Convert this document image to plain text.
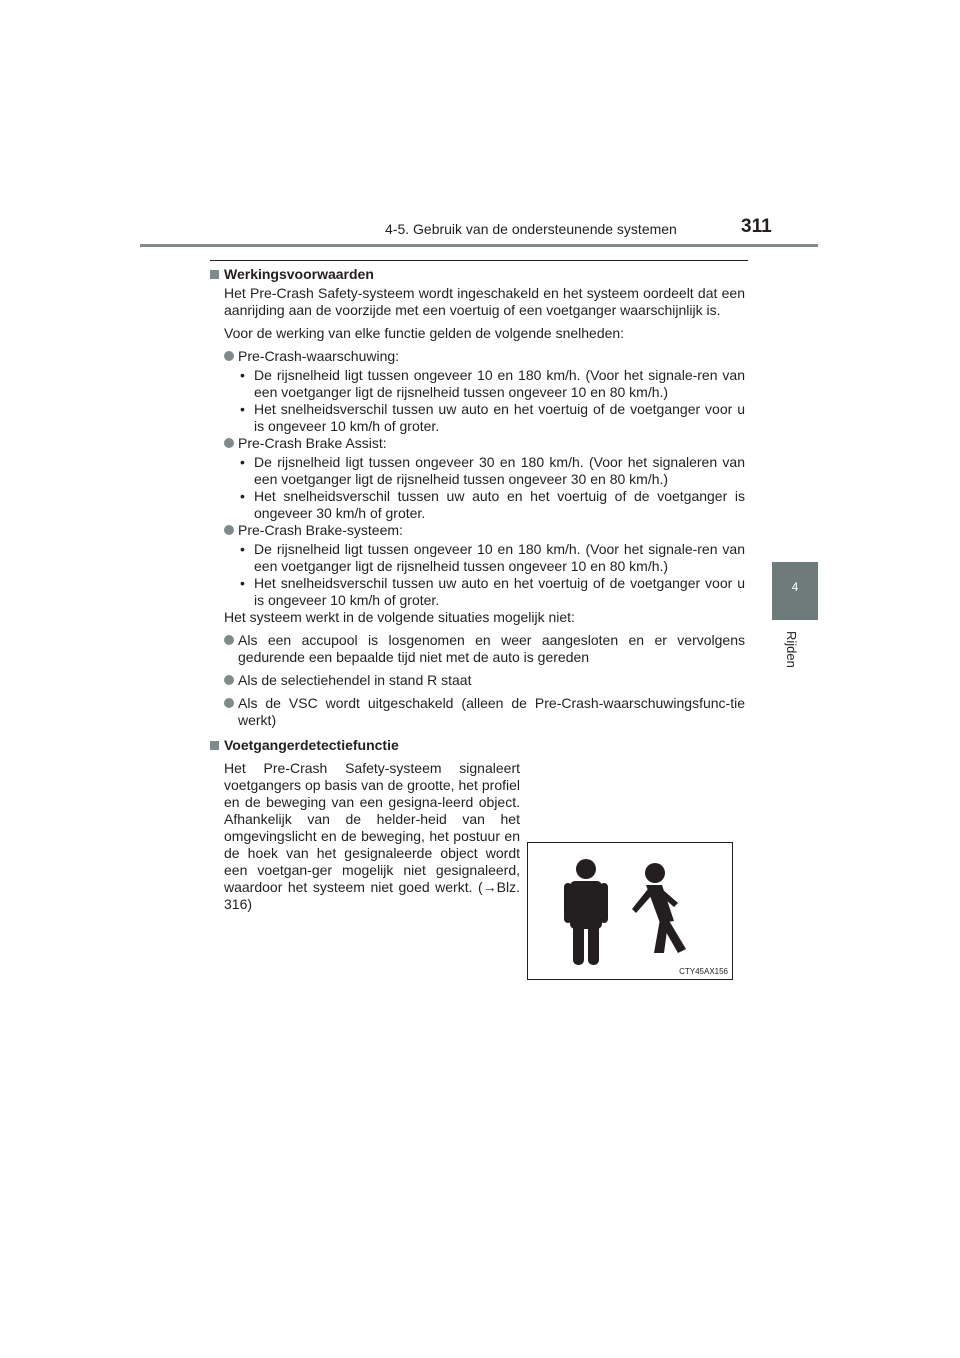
4-5. Gebruik van de ondersteunende systemen	311
4
Rijden
Werkingsvoorwaarden
Het Pre-Crash Safety-systeem wordt ingeschakeld en het systeem oordeelt dat een aanrijding aan de voorzijde met een voertuig of een voetganger waarschijnlijk is.
Voor de werking van elke functie gelden de volgende snelheden:
Pre-Crash-waarschuwing:
• De rijsnelheid ligt tussen ongeveer 10 en 180 km/h. (Voor het signale-ren van een voetganger ligt de rijsnelheid tussen ongeveer 10 en 80 km/h.)
• Het snelheidsverschil tussen uw auto en het voertuig of de voetganger voor u is ongeveer 10 km/h of groter.
Pre-Crash Brake Assist:
• De rijsnelheid ligt tussen ongeveer 30 en 180 km/h. (Voor het signaleren van een voetganger ligt de rijsnelheid tussen ongeveer 30 en 80 km/h.)
• Het snelheidsverschil tussen uw auto en het voertuig of de voetganger is ongeveer 30 km/h of groter.
Pre-Crash Brake-systeem:
• De rijsnelheid ligt tussen ongeveer 10 en 180 km/h. (Voor het signale-ren van een voetganger ligt de rijsnelheid tussen ongeveer 10 en 80 km/h.)
• Het snelheidsverschil tussen uw auto en het voertuig of de voetganger voor u is ongeveer 10 km/h of groter.
Het systeem werkt in de volgende situaties mogelijk niet:
Als een accupool is losgenomen en weer aangesloten en er vervolgens gedurende een bepaalde tijd niet met de auto is gereden
Als de selectiehendel in stand R staat
Als de VSC wordt uitgeschakeld (alleen de Pre-Crash-waarschuwingsfunc-tie werkt)
Voetgangerdetectiefunctie
Het Pre-Crash Safety-systeem signaleert voetgangers op basis van de grootte, het profiel en de beweging van een gesigna-leerd object. Afhankelijk van de helder-heid van het omgevingslicht en de beweging, het postuur en de hoek van het gesignaleerde object wordt een voetgan-ger mogelijk niet gesignaleerd, waardoor het systeem niet goed werkt. (→Blz. 316)
CTY45AX156
